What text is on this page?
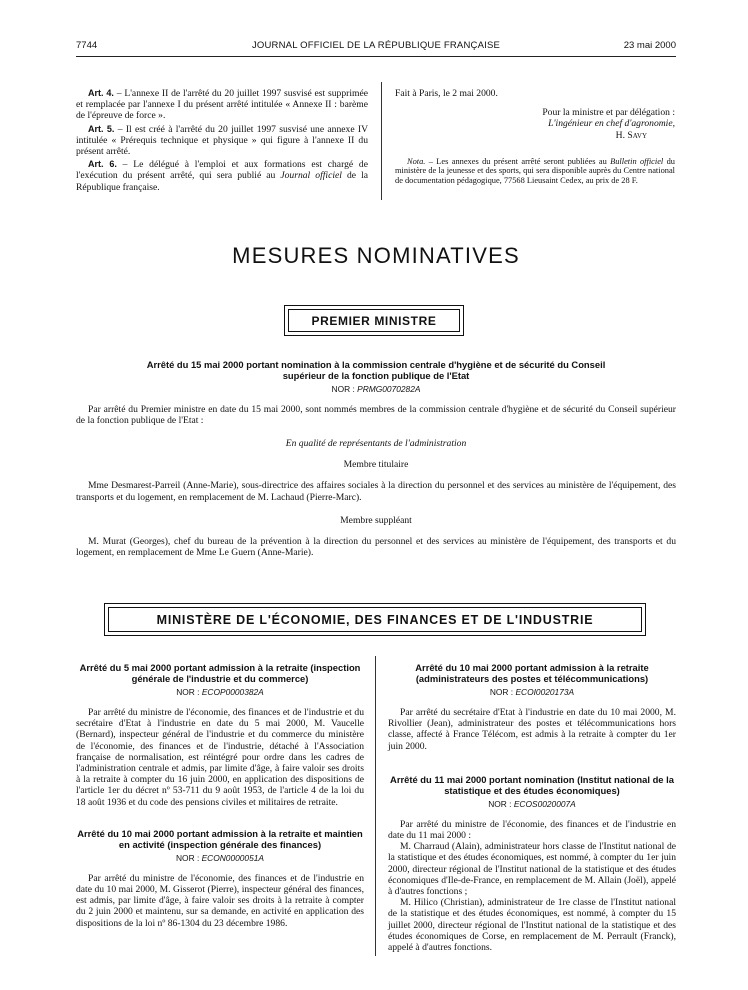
7744	JOURNAL OFFICIEL DE LA RÉPUBLIQUE FRANÇAISE	23 mai 2000

Art. 4. – L'annexe II de l'arrêté du 20 juillet 1997 susvisé est supprimée et remplacée par l'annexe I du présent arrêté intitulée « Annexe II : barème de l'épreuve de force ».

Art. 5. – Il est créé à l'arrêté du 20 juillet 1997 susvisé une annexe IV intitulée « Prérequis technique et physique » qui figure à l'annexe II du présent arrêté.

Art. 6. – Le délégué à l'emploi et aux formations est chargé de l'exécution du présent arrêté, qui sera publié au Journal officiel de la République française.

Fait à Paris, le 2 mai 2000.
Pour la ministre et par délégation :
L'ingénieur en chef d'agronomie,
H. Savy
Nota. – Les annexes du présent arrêté seront publiées au Bulletin officiel du ministère de la jeunesse et des sports, qui sera disponible auprès du Centre national de documentation pédagogique, 77568 Lieusaint Cedex, au prix de 28 F.
MESURES NOMINATIVES
PREMIER MINISTRE
Arrêté du 15 mai 2000 portant nomination à la commission centrale d'hygiène et de sécurité du Conseil supérieur de la fonction publique de l'Etat
NOR : PRMG0070282A

Par arrêté du Premier ministre en date du 15 mai 2000, sont nommés membres de la commission centrale d'hygiène et de sécurité du Conseil supérieur de la fonction publique de l'Etat :

En qualité de représentants de l'administration
Membre titulaire

Mme Desmarest-Parreil (Anne-Marie), sous-directrice des affaires sociales à la direction du personnel et des services au ministère de l'équipement, des transports et du logement, en remplacement de M. Lachaud (Pierre-Marc).

Membre suppléant

M. Murat (Georges), chef du bureau de la prévention à la direction du personnel et des services au ministère de l'équipement, des transports et du logement, en remplacement de Mme Le Guern (Anne-Marie).

MINISTÈRE DE L'ÉCONOMIE, DES FINANCES ET DE L'INDUSTRIE
Arrêté du 5 mai 2000 portant admission à la retraite (inspection générale de l'industrie et du commerce)
NOR : ECOP0000382A

Par arrêté du ministre de l'économie, des finances et de l'industrie et du secrétaire d'Etat à l'industrie en date du 5 mai 2000, M. Vaucelle (Bernard), inspecteur général de l'industrie et du commerce du ministère de l'économie, des finances et de l'industrie, détaché à l'Association française de normalisation, est réintégré pour ordre dans les cadres de l'administration centrale et admis, par limite d'âge, à faire valoir ses droits à la retraite à compter du 16 juin 2000, en application des dispositions de l'article 1er du décret nº 53-711 du 9 août 1953, de l'article 4 de la loi du 18 août 1936 et du code des pensions civiles et militaires de retraite.

Arrêté du 10 mai 2000 portant admission à la retraite et maintien en activité (inspection générale des finances)
NOR : ECON0000051A

Par arrêté du ministre de l'économie, des finances et de l'industrie en date du 10 mai 2000, M. Gisserot (Pierre), inspecteur général des finances, est admis, par limite d'âge, à faire valoir ses droits à la retraite à compter du 2 juin 2000 et maintenu, sur sa demande, en activité en application des dispositions de la loi nº 86-1304 du 23 décembre 1986.

Arrêté du 10 mai 2000 portant admission à la retraite (administrateurs des postes et télécommunications)
NOR : ECOI0020173A

Par arrêté du secrétaire d'Etat à l'industrie en date du 10 mai 2000, M. Rivollier (Jean), administrateur des postes et télécommunications hors classe, affecté à France Télécom, est admis à la retraite à compter du 1er juin 2000.

Arrêté du 11 mai 2000 portant nomination (Institut national de la statistique et des études économiques)
NOR : ECOS0020007A

Par arrêté du ministre de l'économie, des finances et de l'industrie en date du 11 mai 2000 :

M. Charraud (Alain), administrateur hors classe de l'Institut national de la statistique et des études économiques, est nommé, à compter du 1er juin 2000, directeur régional de l'Institut national de la statistique et des études économiques d'Ile-de-France, en remplacement de M. Allain (Joël), appelé à d'autres fonctions ;

M. Hilico (Christian), administrateur de 1re classe de l'Institut national de la statistique et des études économiques, est nommé, à compter du 15 juillet 2000, directeur régional de l'Institut national de la statistique et des études économiques de Corse, en remplacement de M. Perrault (Franck), appelé à d'autres fonctions.
